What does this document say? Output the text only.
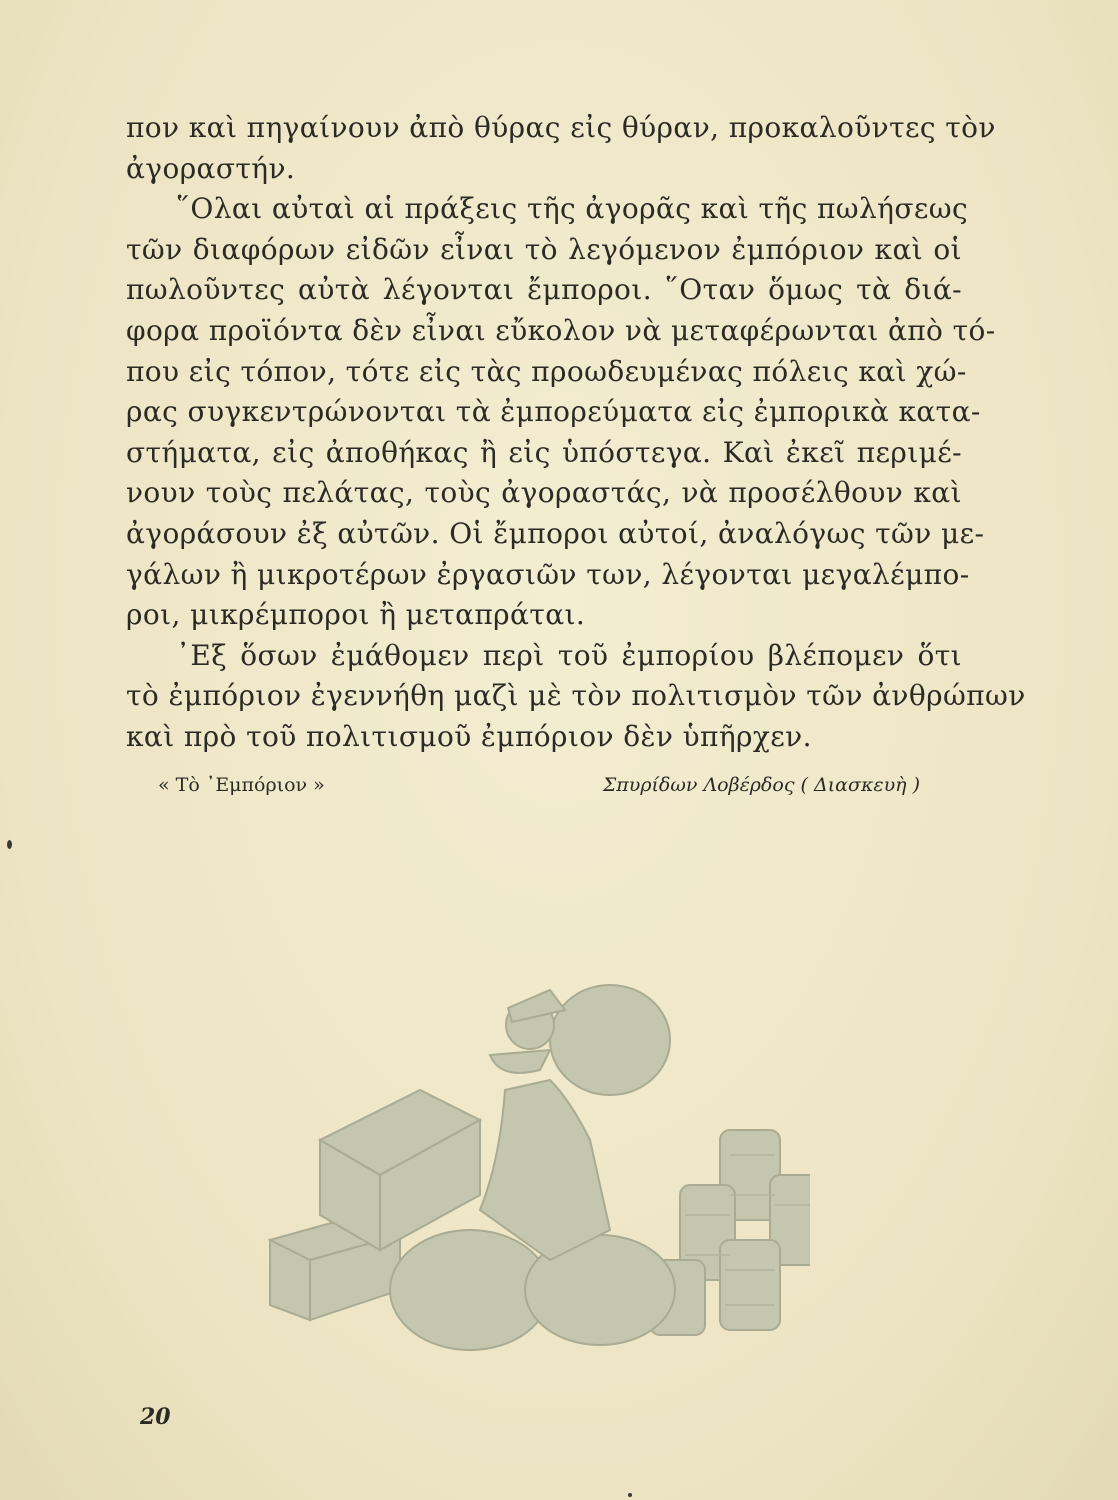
πον καὶ πηγαίνουν ἀπὸ θύρας εἰς θύραν, προκαλοῦντες τὸν
ἀγοραστήν.
῞Ολαι αὐταὶ αἱ πράξεις τῆς ἀγορᾶς καὶ τῆς πωλήσεως
τῶν διαφόρων εἰδῶν εἶναι τὸ λεγόμενον ἐμπόριον καὶ οἱ
πωλοῦντες αὐτὰ λέγονται ἔμποροι. ῞Οταν ὅμως τὰ διά-
φορα προϊόντα δὲν εἶναι εὔκολον νὰ μεταφέρωνται ἀπὸ τό-
που εἰς τόπον, τότε εἰς τὰς προωδευμένας πόλεις καὶ χώ-
ρας συγκεντρώνονται τὰ ἐμπορεύματα εἰς ἐμπορικὰ κατα-
στήματα, εἰς ἀποθήκας ἢ εἰς ὑπόστεγα. Καὶ ἐκεῖ περιμέ-
νουν τοὺς πελάτας, τοὺς ἀγοραστάς, νὰ προσέλθουν καὶ
ἀγοράσουν ἐξ αὐτῶν. Οἱ ἔμποροι αὐτοί, ἀναλόγως τῶν με-
γάλων ἢ μικροτέρων ἐργασιῶν των, λέγονται μεγαλέμπο-
ροι, μικρέμποροι ἢ μεταπράται.
᾿Εξ ὅσων ἐμάθομεν περὶ τοῦ ἐμπορίου βλέπομεν ὅτι
τὸ ἐμπόριον ἐγεννήθη μαζὶ μὲ τὸν πολιτισμὸν τῶν ἀνθρώπων
καὶ πρὸ τοῦ πολιτισμοῦ ἐμπόριον δὲν ὑπῆρχεν.
« Τὸ ᾿Εμπόριον »	Σπυρίδων Λοβέρδος ( Διασκευὴ )
20
